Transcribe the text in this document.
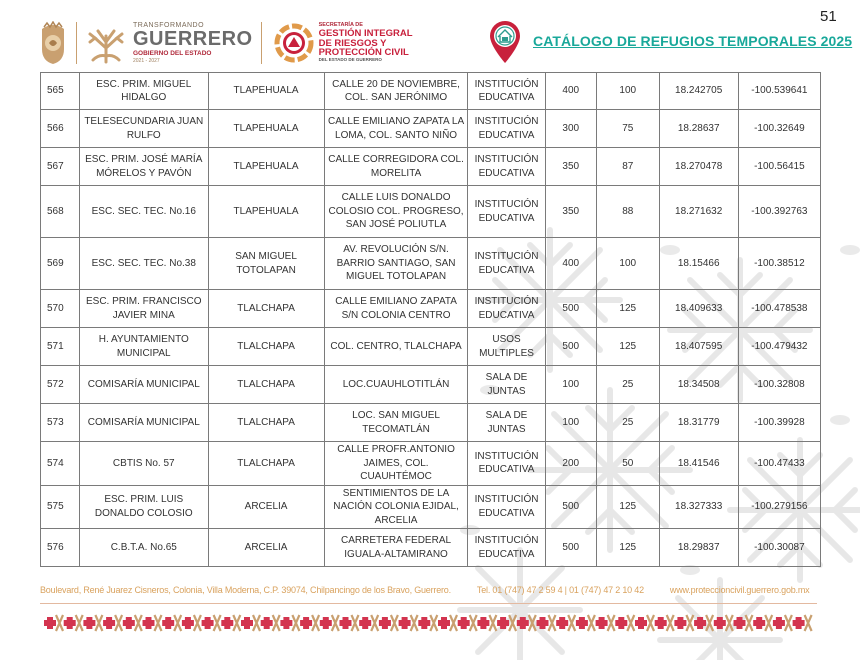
TRANSFORMANDO
GUERRERO
GOBIERNO DEL ESTADO
2021 - 2027
SECRETARÍA DE
GESTIÓN INTEGRAL
DE RIESGOS Y
PROTECCIÓN CIVIL
DEL ESTADO DE GUERRERO
CATÁLOGO DE REFUGIOS TEMPORALES 2025
51
565	ESC. PRIM. MIGUEL HIDALGO	TLAPEHUALA	CALLE 20 DE NOVIEMBRE, COL. SAN JERÓNIMO	INSTITUCIÓN EDUCATIVA	400	100	18.242705	-100.539641
566	TELESECUNDARIA JUAN RULFO	TLAPEHUALA	CALLE EMILIANO ZAPATA LA LOMA, COL. SANTO NIÑO	INSTITUCIÓN EDUCATIVA	300	75	18.28637	-100.32649
567	ESC. PRIM. JOSÉ MARÍA MÓRELOS Y PAVÓN	TLAPEHUALA	CALLE CORREGIDORA COL. MORELITA	INSTITUCIÓN EDUCATIVA	350	87	18.270478	-100.56415
568	ESC. SEC. TEC. No.16	TLAPEHUALA	CALLE LUIS DONALDO COLOSIO COL. PROGRESO, SAN JOSÉ POLIUTLA	INSTITUCIÓN EDUCATIVA	350	88	18.271632	-100.392763
569	ESC. SEC. TEC. No.38	SAN MIGUEL TOTOLAPAN	AV. REVOLUCIÓN S/N. BARRIO SANTIAGO, SAN MIGUEL TOTOLAPAN	INSTITUCIÓN EDUCATIVA	400	100	18.15466	-100.38512
570	ESC. PRIM. FRANCISCO JAVIER MINA	TLALCHAPA	CALLE EMILIANO ZAPATA S/N COLONIA CENTRO	INSTITUCIÓN EDUCATIVA	500	125	18.409633	-100.478538
571	H. AYUNTAMIENTO MUNICIPAL	TLALCHAPA	COL. CENTRO, TLALCHAPA	USOS MULTIPLES	500	125	18.407595	-100.479432
572	COMISARÍA MUNICIPAL	TLALCHAPA	LOC.CUAUHLOTITLÁN	SALA DE JUNTAS	100	25	18.34508	-100.32808
573	COMISARÍA MUNICIPAL	TLALCHAPA	LOC. SAN MIGUEL TECOMATLÁN	SALA DE JUNTAS	100	25	18.31779	-100.39928
574	CBTIS No. 57	TLALCHAPA	CALLE PROFR.ANTONIO JAIMES, COL. CUAUHTÉMOC	INSTITUCIÓN EDUCATIVA	200	50	18.41546	-100.47433
575	ESC. PRIM. LUIS DONALDO COLOSIO	ARCELIA	SENTIMIENTOS DE LA NACIÓN COLONIA EJIDAL, ARCELIA	INSTITUCIÓN EDUCATIVA	500	125	18.327333	-100.279156
576	C.B.T.A. No.65	ARCELIA	CARRETERA FEDERAL IGUALA-ALTAMIRANO	INSTITUCIÓN EDUCATIVA	500	125	18.29837	-100.30087
Boulevard, René Juarez Cisneros, Colonia, Villa Moderna, C.P. 39074, Chilpancingo de los Bravo, Guerrero.	Tel. 01 (747) 47 2 59 4 | 01 (747) 47 2 10 42	www.proteccioncivil.guerrero.gob.mx
